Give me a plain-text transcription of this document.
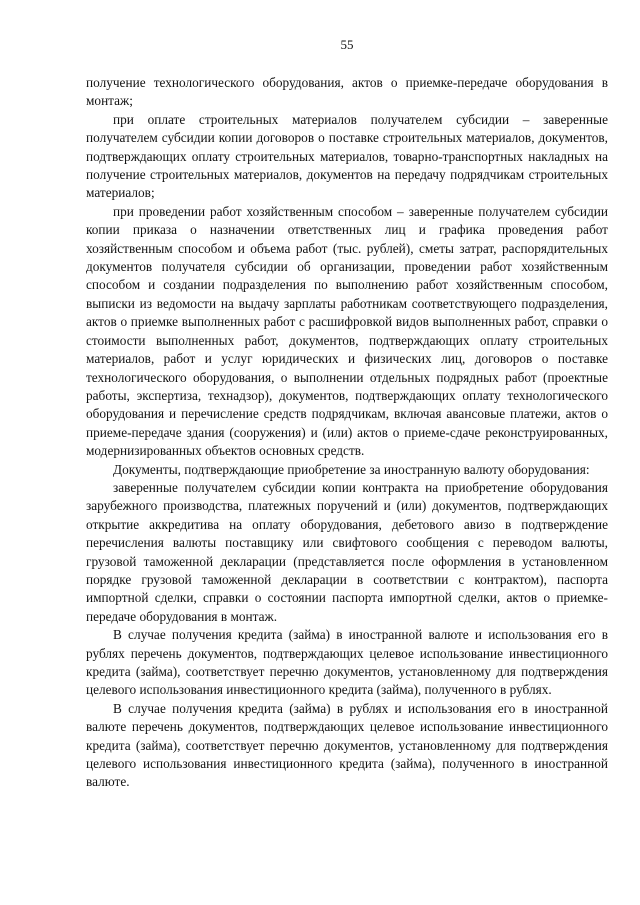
55

получение технологического оборудования, актов о приемке-передаче оборудования в монтаж;

при оплате строительных материалов получателем субсидии – заверенные получателем субсидии копии договоров о поставке строительных материалов, документов, подтверждающих оплату строительных материалов, товарно-транспортных накладных на получение строительных материалов, документов на передачу подрядчикам строительных материалов;

при проведении работ хозяйственным способом – заверенные получателем субсидии копии приказа о назначении ответственных лиц и графика проведения работ хозяйственным способом и объема работ (тыс. рублей), сметы затрат, распорядительных документов получателя субсидии об организации, проведении работ хозяйственным способом и создании подразделения по выполнению работ хозяйственным способом, выписки из ведомости на выдачу зарплаты работникам соответствующего подразделения, актов о приемке выполненных работ с расшифровкой видов выполненных работ, справки о стоимости выполненных работ, документов, подтверждающих оплату строительных материалов, работ и услуг юридических и физических лиц, договоров о поставке технологического оборудования, о выполнении отдельных подрядных работ (проектные работы, экспертиза, технадзор), документов, подтверждающих оплату технологического оборудования и перечисление средств подрядчикам, включая авансовые платежи, актов о приеме-передаче здания (сооружения) и (или) актов о приеме-сдаче реконструированных, модернизированных объектов основных средств.

Документы, подтверждающие приобретение за иностранную валюту оборудования:

заверенные получателем субсидии копии контракта на приобретение оборудования зарубежного производства, платежных поручений и (или) документов, подтверждающих открытие аккредитива на оплату оборудования, дебетового авизо в подтверждение перечисления валюты поставщику или свифтового сообщения с переводом валюты, грузовой таможенной декларации (представляется после оформления в установленном порядке грузовой таможенной декларации в соответствии с контрактом), паспорта импортной сделки, справки о состоянии паспорта импортной сделки, актов о приемке-передаче оборудования в монтаж.

В случае получения кредита (займа) в иностранной валюте и использования его в рублях перечень документов, подтверждающих целевое использование инвестиционного кредита (займа), соответствует перечню документов, установленному для подтверждения целевого использования инвестиционного кредита (займа), полученного в рублях.

В случае получения кредита (займа) в рублях и использования его в иностранной валюте перечень документов, подтверждающих целевое использование инвестиционного кредита (займа), соответствует перечню документов, установленному для подтверждения целевого использования инвестиционного кредита (займа), полученного в иностранной валюте.
